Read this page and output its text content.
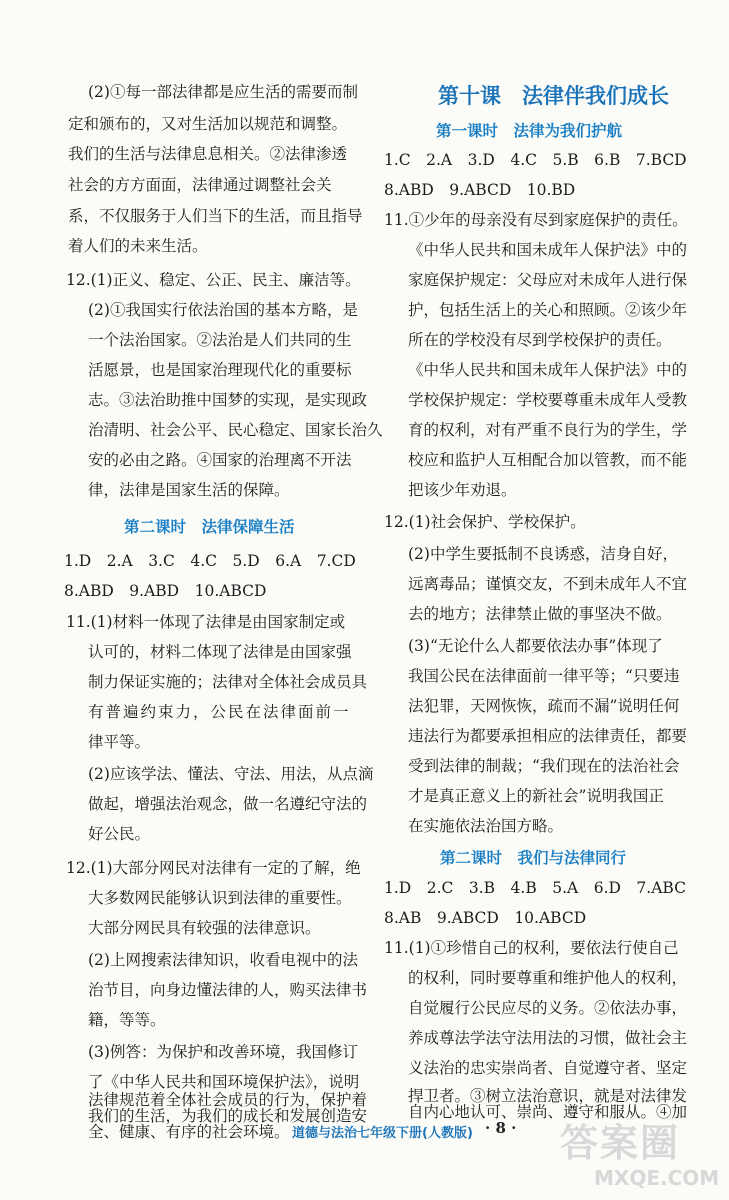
(2)①每一部法律都是应生活的需要而制
定和颁布的，又对生活加以规范和调整。
我们的生活与法律息息相关。②法律渗透
社会的方方面面，法律通过调整社会关
系，不仅服务于人们当下的生活，而且指导
着人们的未来生活。
12.(1)正义、稳定、公正、民主、廉洁等。
(2)①我国实行依法治国的基本方略，是
一个法治国家。②法治是人们共同的生
活愿景，也是国家治理现代化的重要标
志。③法治助推中国梦的实现，是实现政
治清明、社会公平、民心稳定、国家长治久
安的必由之路。④国家的治理离不开法
律，法律是国家生活的保障。
第二课时　法律保障生活
1.D　2.A　3.C　4.C　5.D　6.A　7.CD
8.ABD　9.ABD　10.ABCD
11.(1)材料一体现了法律是由国家制定或
认可的，材料二体现了法律是由国家强
制力保证实施的；法律对全体社会成员具
有普遍约束力，公民在法律面前一
律平等。
(2)应该学法、懂法、守法、用法，从点滴
做起，增强法治观念，做一名遵纪守法的
好公民。
12.(1)大部分网民对法律有一定的了解，绝
大多数网民能够认识到法律的重要性。
大部分网民具有较强的法律意识。
(2)上网搜索法律知识，收看电视中的法
治节目，向身边懂法律的人，购买法律书
籍，等等。
(3)例答：为保护和改善环境，我国修订
了《中华人民共和国环境保护法》，说明
法律规范着全体社会成员的行为，保护着
我们的生活，为我们的成长和发展创造安
全、健康、有序的社会环境。
第十课　法律伴我们成长
第一课时　法律为我们护航
1.C　2.A　3.D　4.C　5.B　6.B　7.BCD
8.ABD　9.ABCD　10.BD
11.①少年的母亲没有尽到家庭保护的责任。
《中华人民共和国未成年人保护法》中的
家庭保护规定：父母应对未成年人进行保
护，包括生活上的关心和照顾。②该少年
所在的学校没有尽到学校保护的责任。
《中华人民共和国未成年人保护法》中的
学校保护规定：学校要尊重未成年人受教
育的权利，对有严重不良行为的学生，学
校应和监护人互相配合加以管教，而不能
把该少年劝退。
12.(1)社会保护、学校保护。
(2)中学生要抵制不良诱惑，洁身自好，
远离毒品；谨慎交友，不到未成年人不宜
去的地方；法律禁止做的事坚决不做。
(3)“无论什么人都要依法办事”体现了
我国公民在法律面前一律平等；“只要违
法犯罪，天网恢恢，疏而不漏”说明任何
违法行为都要承担相应的法律责任，都要
受到法律的制裁；“我们现在的法治社会
才是真正意义上的新社会”说明我国正
在实施依法治国方略。
第二课时　我们与法律同行
1.D　2.C　3.B　4.B　5.A　6.D　7.ABC
8.AB　9.ABCD　10.ABCD
11.(1)①珍惜自己的权利，要依法行使自己
的权利，同时要尊重和维护他人的权利，
自觉履行公民应尽的义务。②依法办事，
养成尊法学法守法用法的习惯，做社会主
义法治的忠实崇尚者、自觉遵守者、坚定
捍卫者。③树立法治意识，就是对法律发
自内心地认可、崇尚、遵守和服从。④加
道德与法治七年级下册(人教版) · 8 · 答案圈
MXQE.COM
